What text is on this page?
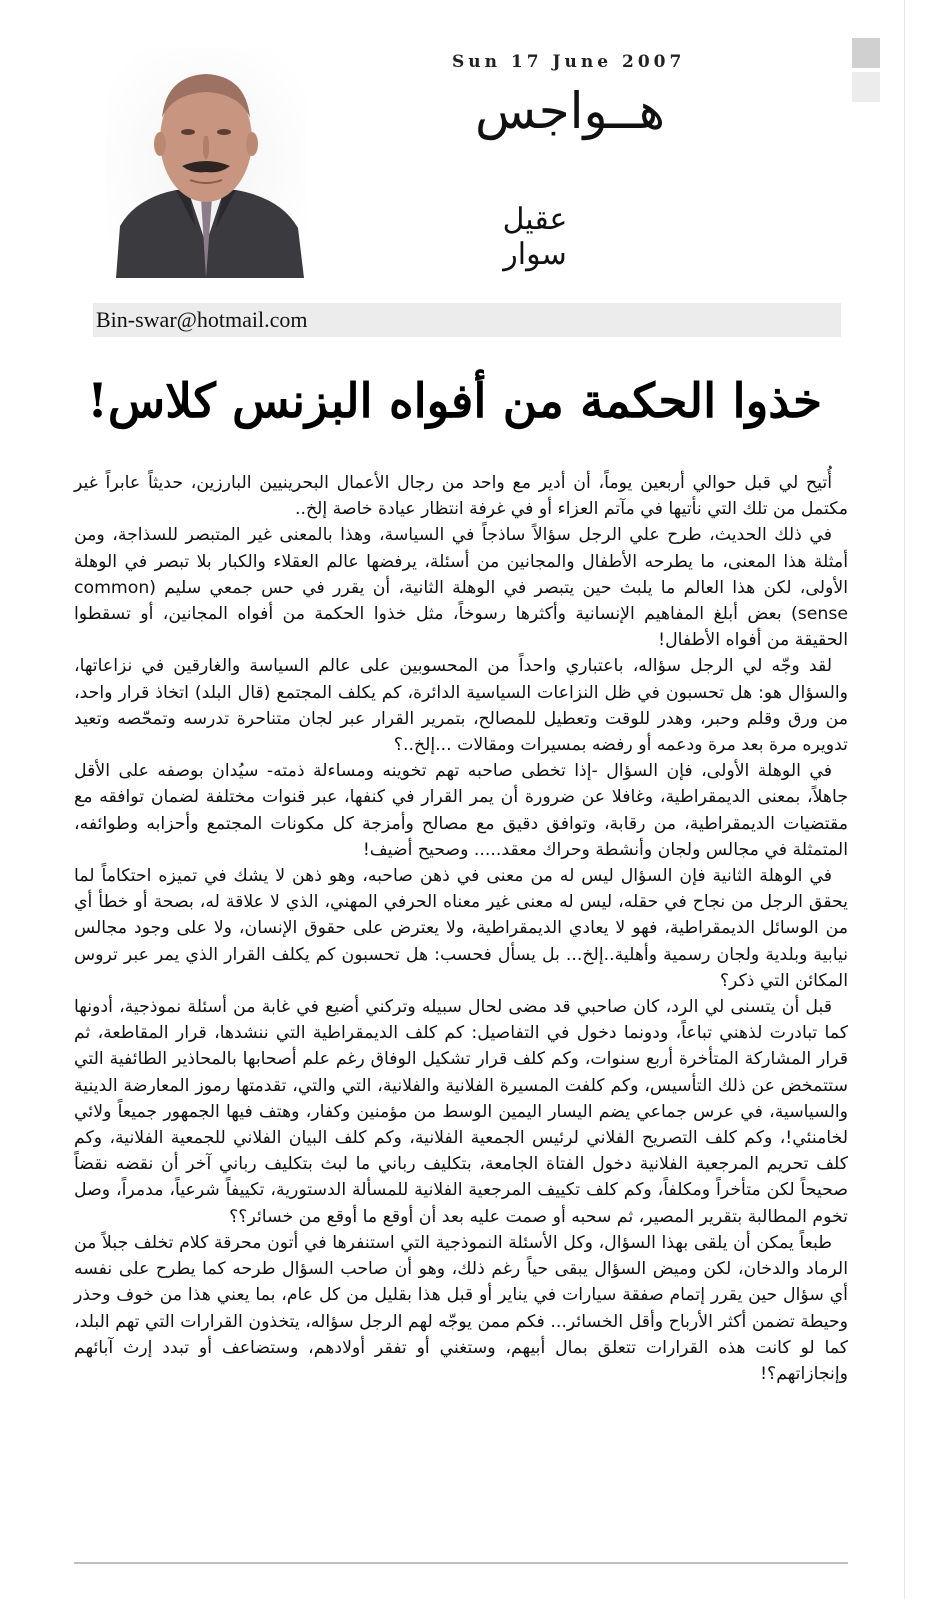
Sun 17 June 2007
هــواجس
عقيل سوار
Bin-swar@hotmail.com
خذوا الحكمة من أفواه البزنس كلاس!

أُتيح لي قبل حوالي أربعين يوماً، أن أدير مع واحد من رجال الأعمال البحرينيين البارزين، حديثاً عابراً غير مكتمل من تلك التي نأتيها في مآتم العزاء أو في غرفة انتظار عيادة خاصة إلخ..

في ذلك الحديث، طرح علي الرجل سؤالاً ساذجاً في السياسة، وهذا بالمعنى غير المتبصر للسذاجة، ومن أمثلة هذا المعنى، ما يطرحه الأطفال والمجانين من أسئلة، يرفضها عالم العقلاء والكبار بلا تبصر في الوهلة الأولى، لكن هذا العالم ما يلبث حين يتبصر في الوهلة الثانية، أن يقرر في حس جمعي سليم (common sense) بعض أبلغ المفاهيم الإنسانية وأكثرها رسوخاً، مثل خذوا الحكمة من أفواه المجانين، أو تسقطوا الحقيقة من أفواه الأطفال!

لقد وجّه لي الرجل سؤاله، باعتباري واحداً من المحسوبين على عالم السياسة والغارقين في نزاعاتها، والسؤال هو: هل تحسبون في ظل النزاعات السياسية الدائرة، كم يكلف المجتمع (قال البلد) اتخاذ قرار واحد، من ورق وقلم وحبر، وهدر للوقت وتعطيل للمصالح، بتمرير القرار عبر لجان متناحرة تدرسه وتمحّصه وتعيد تدويره مرة بعد مرة ودعمه أو رفضه بمسيرات ومقالات ...إلخ..؟

في الوهلة الأولى، فإن السؤال -إذا تخطى صاحبه تهم تخوينه ومساءلة ذمته- سيُدان بوصفه على الأقل جاهلاً، بمعنى الديمقراطية، وغافلا عن ضرورة أن يمر القرار في كنفها، عبر قنوات مختلفة لضمان توافقه مع مقتضيات الديمقراطية، من رقابة، وتوافق دقيق مع مصالح وأمزجة كل مكونات المجتمع وأحزابه وطوائفه، المتمثلة في مجالس ولجان وأنشطة وحراك معقد..... وصحيح أضيف!

في الوهلة الثانية فإن السؤال ليس له من معنى في ذهن صاحبه، وهو ذهن لا يشك في تميزه احتكاماً لما يحقق الرجل من نجاح في حقله، ليس له معنى غير معناه الحرفي المهني، الذي لا علاقة له، بصحة أو خطأ أي من الوسائل الديمقراطية، فهو لا يعادي الديمقراطية، ولا يعترض على حقوق الإنسان، ولا على وجود مجالس نيابية وبلدية ولجان رسمية وأهلية..إلخ... بل يسأل فحسب: هل تحسبون كم يكلف القرار الذي يمر عبر تروس المكائن التي ذكر؟

قبل أن يتسنى لي الرد، كان صاحبي قد مضى لحال سبيله وتركني أضيع في غابة من أسئلة نموذجية، أدونها كما تبادرت لذهني تباعاً، ودونما دخول في التفاصيل: كم كلف الديمقراطية التي ننشدها، قرار المقاطعة، ثم قرار المشاركة المتأخرة أربع سنوات، وكم كلف قرار تشكيل الوفاق رغم علم أصحابها بالمحاذير الطائفية التي ستتمخض عن ذلك التأسيس، وكم كلفت المسيرة الفلانية والفلانية، التي والتي، تقدمتها رموز المعارضة الدينية والسياسية، في عرس جماعي يضم اليسار اليمين الوسط من مؤمنين وكفار، وهتف فيها الجمهور جميعاً ولائي لخامنئي!، وكم كلف التصريح الفلاني لرئيس الجمعية الفلانية، وكم كلف البيان الفلاني للجمعية الفلانية، وكم كلف تحريم المرجعية الفلانية دخول الفتاة الجامعة، بتكليف رباني ما لبث بتكليف رباني آخر أن نقضه نقضاً صحيحاً لكن متأخراً ومكلفاً، وكم كلف تكييف المرجعية الفلانية للمسألة الدستورية، تكييفاً شرعياً، مدمراً، وصل تخوم المطالبة بتقرير المصير، ثم سحبه أو صمت عليه بعد أن أوقع ما أوقع من خسائر؟؟

طبعاً يمكن أن يلقى بهذا السؤال، وكل الأسئلة النموذجية التي استنفرها في أتون محرقة كلام تخلف جبلاً من الرماد والدخان، لكن وميض السؤال يبقى حياً رغم ذلك، وهو أن صاحب السؤال طرحه كما يطرح على نفسه أي سؤال حين يقرر إتمام صفقة سيارات في يناير أو قبل هذا بقليل من كل عام، بما يعني هذا من خوف وحذر وحيطة تضمن أكثر الأرباح وأقل الخسائر... فكم ممن يوجّه لهم الرجل سؤاله، يتخذون القرارات التي تهم البلد، كما لو كانت هذه القرارات تتعلق بمال أبيهم، وستغني أو تفقر أولادهم، وستضاعف أو تبدد إرث آبائهم وإنجازاتهم؟!
